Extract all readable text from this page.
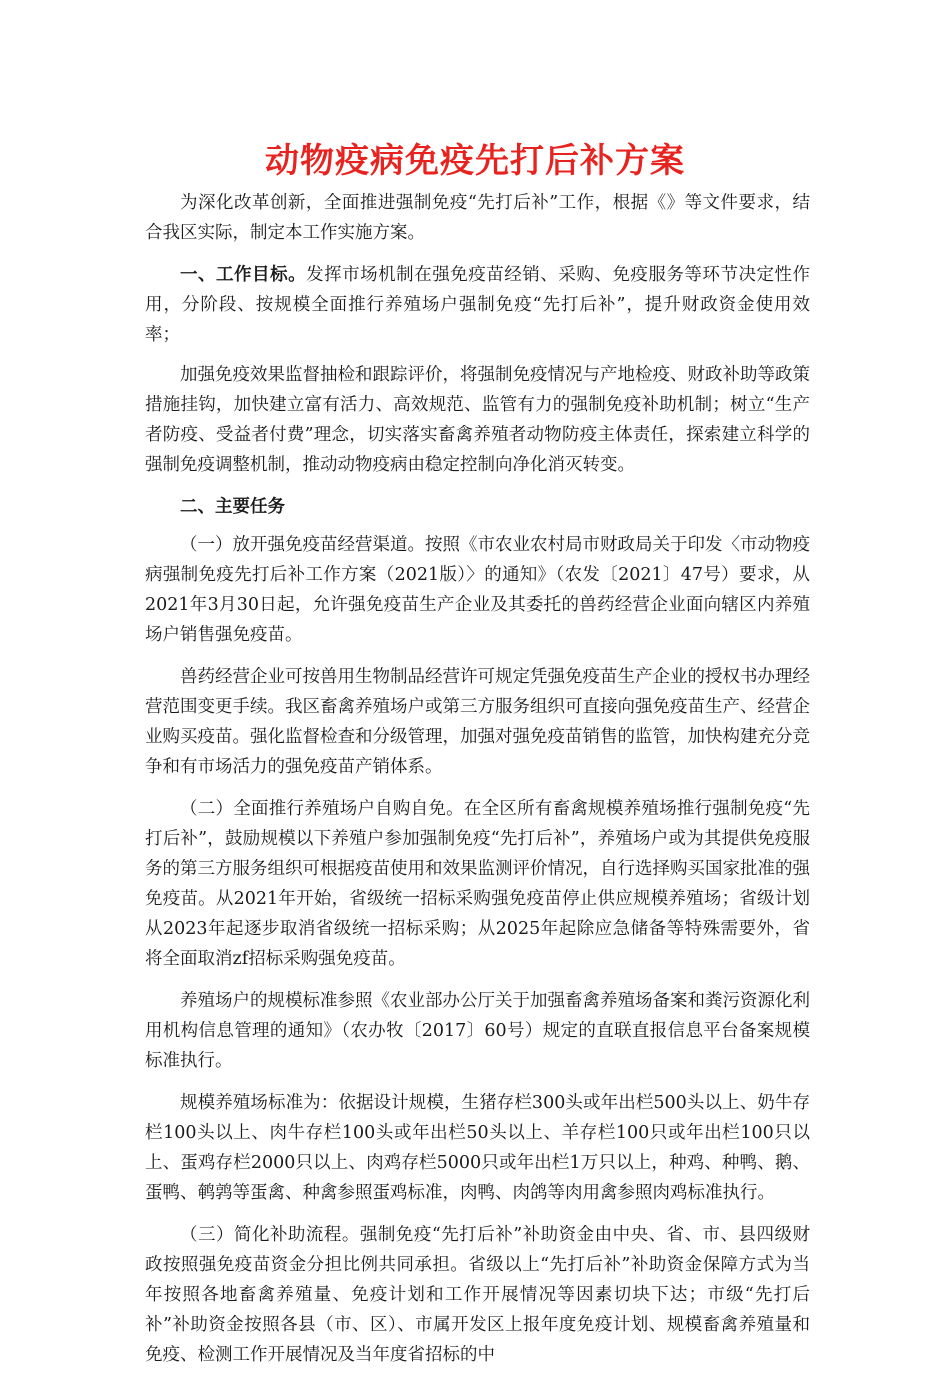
动物疫病免疫先打后补方案

为深化改革创新，全面推进强制免疫“先打后补”工作，根据《》等文件要求，结合我区实际，制定本工作实施方案。

一、工作目标。发挥市场机制在强免疫苗经销、采购、免疫服务等环节决定性作用，分阶段、按规模全面推行养殖场户强制免疫“先打后补”，提升财政资金使用效率；

加强免疫效果监督抽检和跟踪评价，将强制免疫情况与产地检疫、财政补助等政策措施挂钩，加快建立富有活力、高效规范、监管有力的强制免疫补助机制；树立“生产者防疫、受益者付费”理念，切实落实畜禽养殖者动物防疫主体责任，探索建立科学的强制免疫调整机制，推动动物疫病由稳定控制向净化消灭转变。

二、主要任务

（一）放开强免疫苗经营渠道。按照《市农业农村局市财政局关于印发〈市动物疫病强制免疫先打后补工作方案（2021版）〉的通知》（农发〔2021〕47号）要求，从2021年3月30日起，允许强免疫苗生产企业及其委托的兽药经营企业面向辖区内养殖场户销售强免疫苗。

兽药经营企业可按兽用生物制品经营许可规定凭强免疫苗生产企业的授权书办理经营范围变更手续。我区畜禽养殖场户或第三方服务组织可直接向强免疫苗生产、经营企业购买疫苗。强化监督检查和分级管理，加强对强免疫苗销售的监管，加快构建充分竞争和有市场活力的强免疫苗产销体系。

（二）全面推行养殖场户自购自免。在全区所有畜禽规模养殖场推行强制免疫“先打后补”，鼓励规模以下养殖户参加强制免疫“先打后补”，养殖场户或为其提供免疫服务的第三方服务组织可根据疫苗使用和效果监测评价情况，自行选择购买国家批准的强免疫苗。从2021年开始，省级统一招标采购强免疫苗停止供应规模养殖场；省级计划从2023年起逐步取消省级统一招标采购；从2025年起除应急储备等特殊需要外，省将全面取消zf招标采购强免疫苗。

养殖场户的规模标准参照《农业部办公厅关于加强畜禽养殖场备案和粪污资源化利用机构信息管理的通知》（农办牧〔2017〕60号）规定的直联直报信息平台备案规模标准执行。

规模养殖场标准为：依据设计规模，生猪存栏300头或年出栏500头以上、奶牛存栏100头以上、肉牛存栏100头或年出栏50头以上、羊存栏100只或年出栏100只以上、蛋鸡存栏2000只以上、肉鸡存栏5000只或年出栏1万只以上，种鸡、种鸭、鹅、蛋鸭、鹌鹑等蛋禽、种禽参照蛋鸡标准，肉鸭、肉鸽等肉用禽参照肉鸡标准执行。

（三）简化补助流程。强制免疫“先打后补”补助资金由中央、省、市、县四级财政按照强免疫苗资金分担比例共同承担。省级以上“先打后补”补助资金保障方式为当年按照各地畜禽养殖量、免疫计划和工作开展情况等因素切块下达；市级“先打后补”补助资金按照各县（市、区）、市属开发区上报年度免疫计划、规模畜禽养殖量和免疫、检测工作开展情况及当年度省招标的中
